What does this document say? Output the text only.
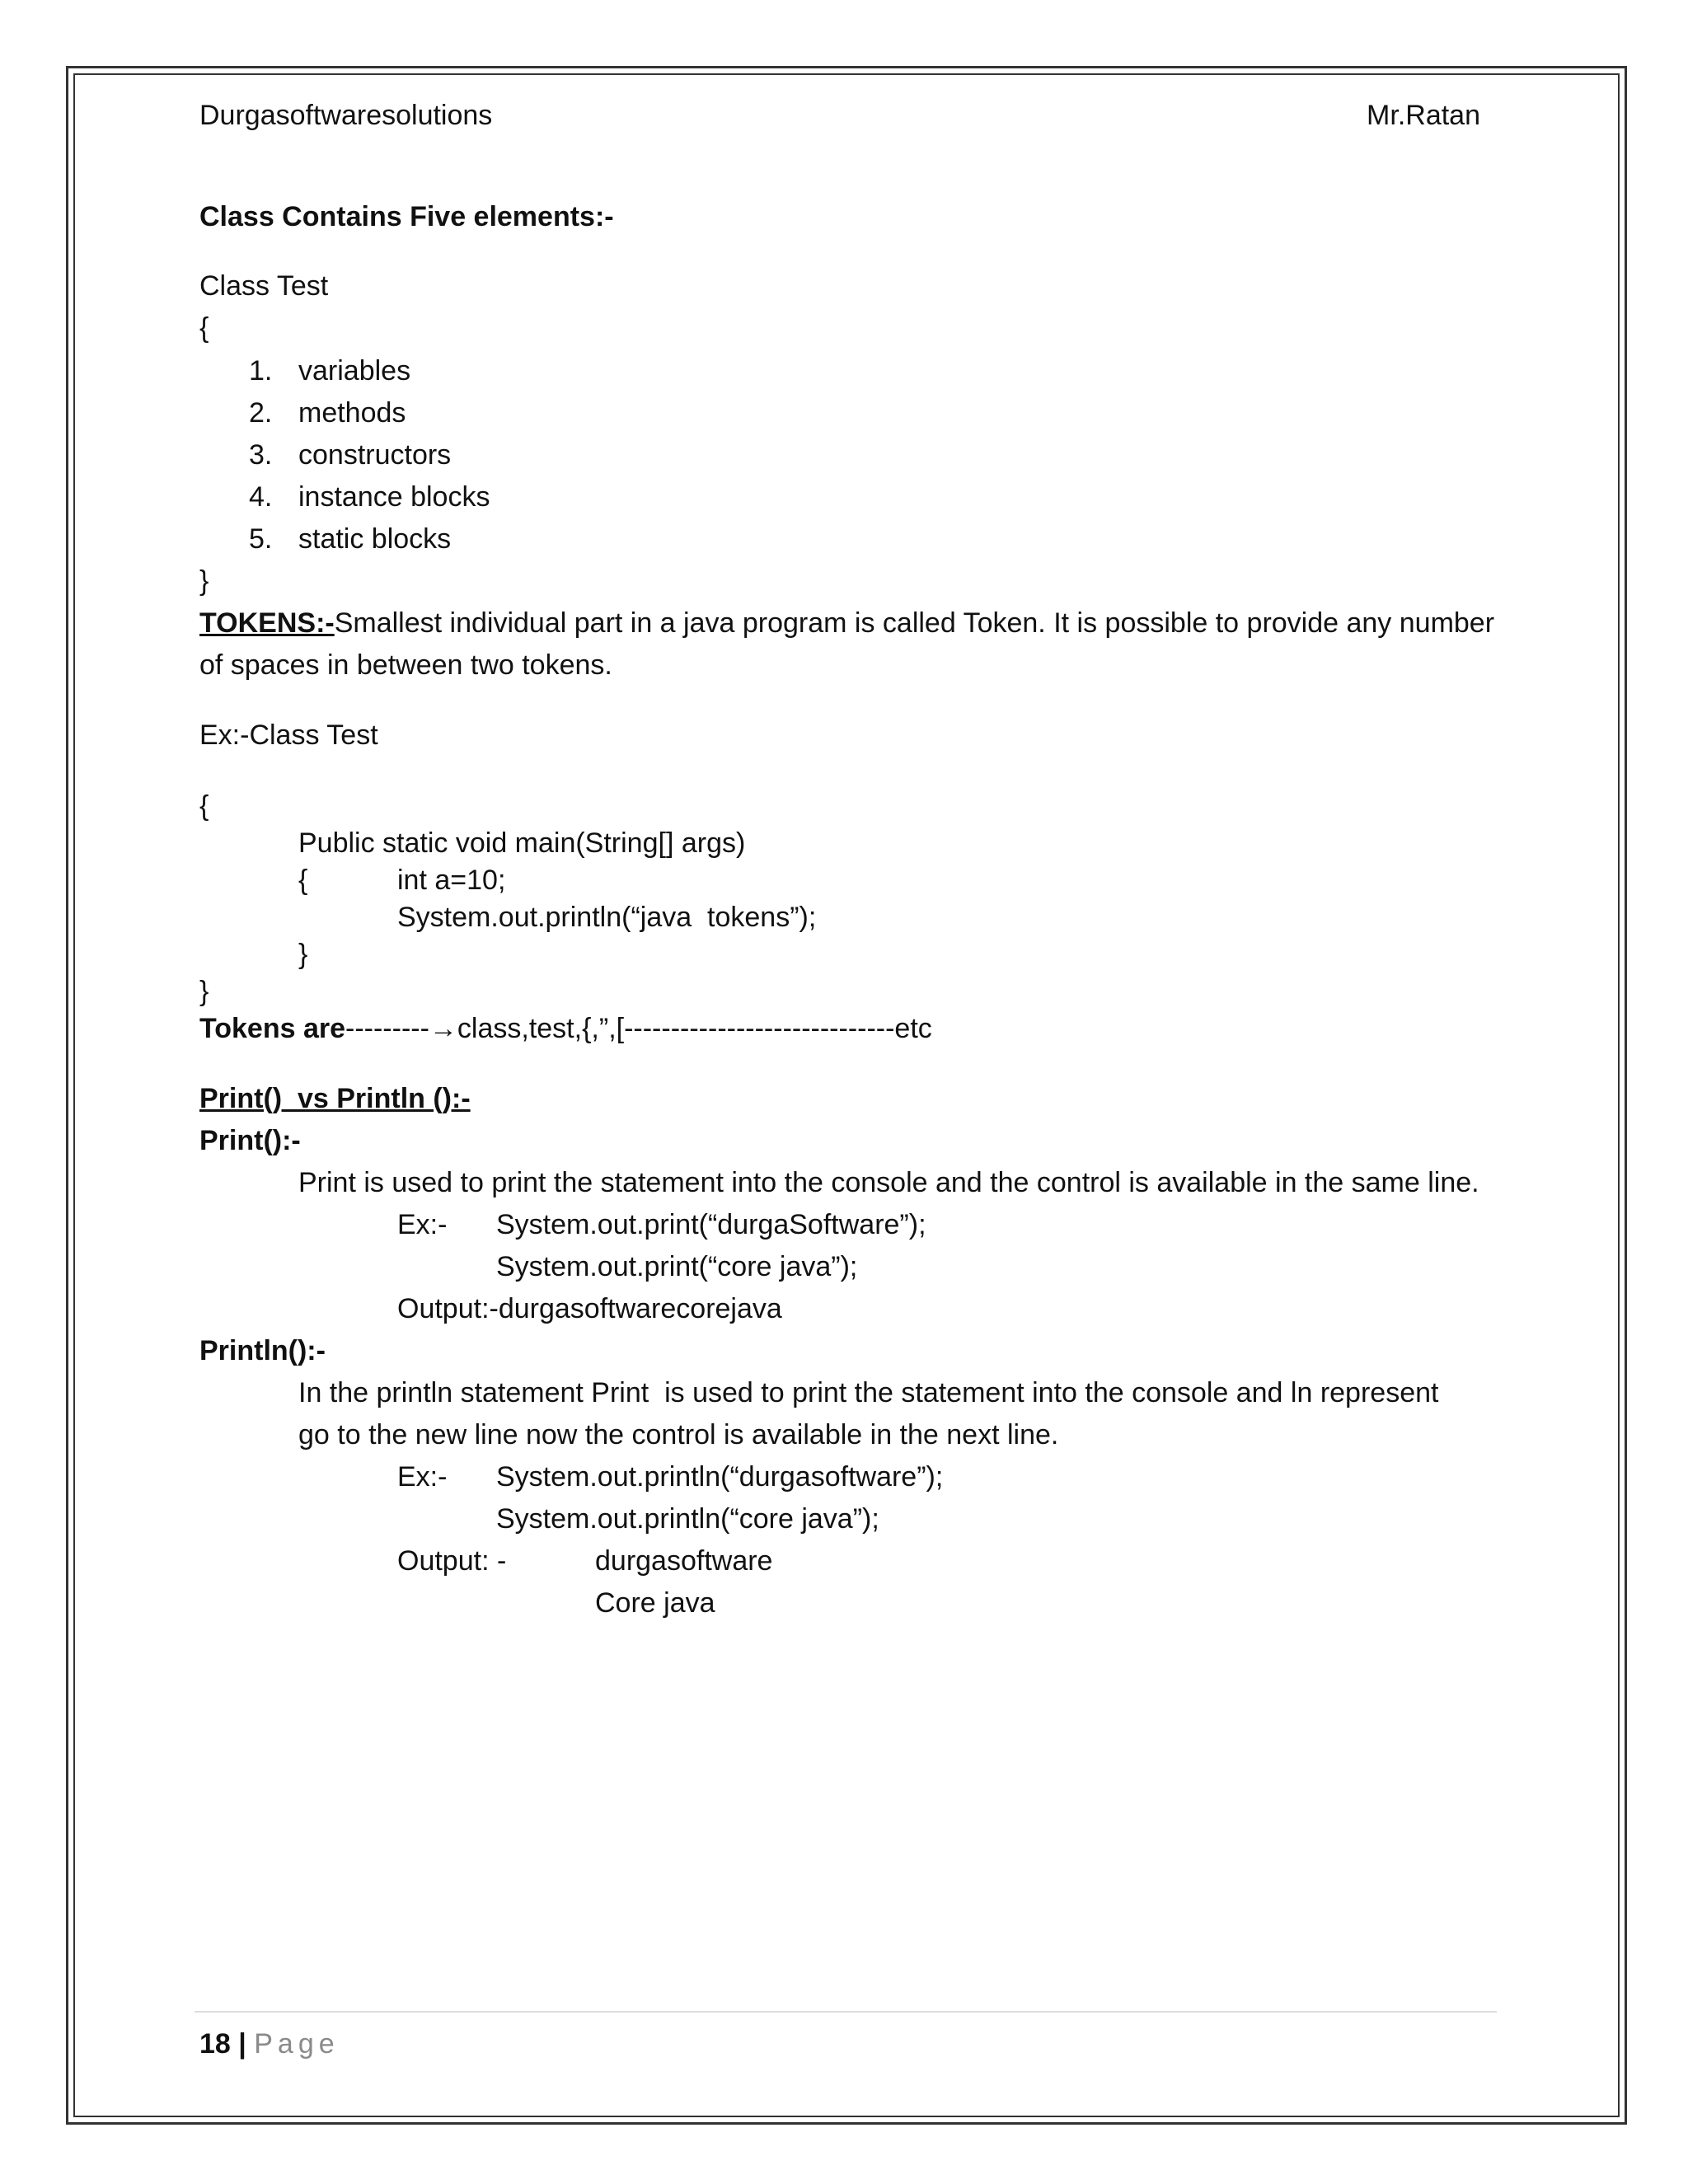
Durgasoftwaresolutions	Mr.Ratan
Class Contains Five elements:-
Class Test
{
1. variables
2. methods
3. constructors
4. instance blocks
5. static blocks
}
TOKENS:-Smallest individual part in a java program is called Token. It is possible to provide any number
of spaces in between two tokens.
Ex:-Class Test
{
Public static void main(String[] args)
{	int a=10;
System.out.println(“java  tokens”);
}
}
Tokens are---------→class,test,{,”,[-----------------------------etc
Print()  vs Println ():-
Print():-
Print is used to print the statement into the console and the control is available in the same line.
Ex:- System.out.print(“durgaSoftware”);
System.out.print(“core java”);
Output:-durgasoftwarecorejava
Println():-
In the println statement Print  is used to print the statement into the console and ln represent
go to the new line now the control is available in the next line.
Ex:- System.out.println(“durgasoftware”);
System.out.println(“core java”);
Output: -	durgasoftware
Core java
18 | Page
